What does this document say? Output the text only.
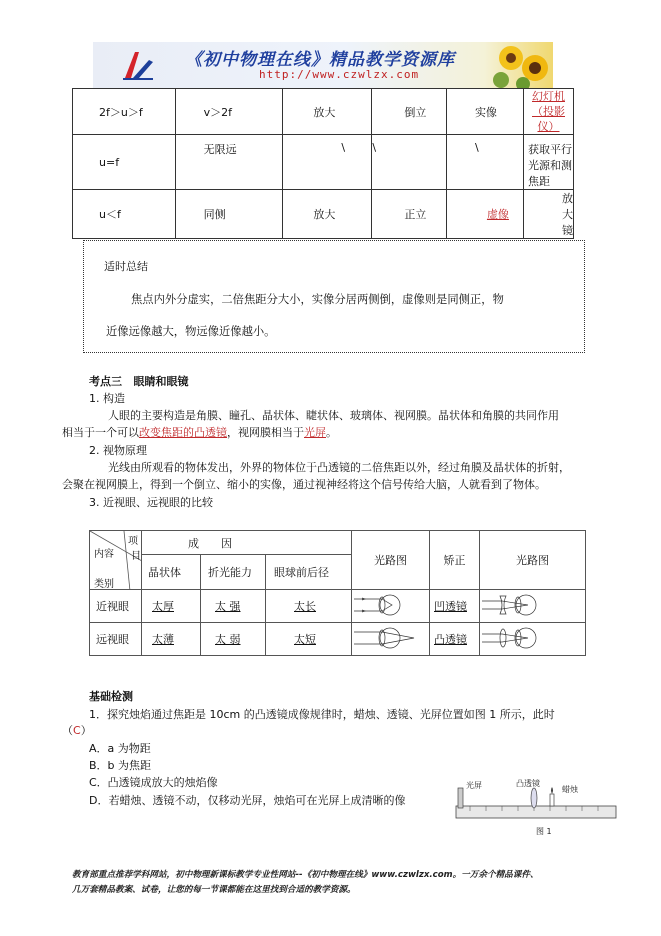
《初中物理在线》精品教学资源库
http://www.czwlzx.com
2f＞u＞f	v＞2f	放大	倒立	实像	幻灯机
（投影仪）
u=f	无限远	\	\	\	获取平行光源和测焦距
u＜f	同侧	放大	正立	虚像	放大镜
适时总结
焦点内外分虚实，二倍焦距分大小，实像分居两侧倒，虚像则是同侧正，物
近像远像越大，物远像近像越小。
考点三 眼睛和眼镜
1. 构造
人眼的主要构造是角膜、瞳孔、晶状体、睫状体、玻璃体、视网膜。晶状体和角膜的共同作用
相当于一个可以改变焦距的凸透镜，视网膜相当于光屏。
2. 视物原理
光线由所观看的物体发出，外界的物体位于凸透镜的二倍焦距以外，经过角膜及晶状体的折射，
会聚在视网膜上，得到一个倒立、缩小的实像，通过视神经将这个信号传给大脑，人就看到了物体。
3. 近视眼、远视眼的比较
项
目
内容
类别	成　　因			光路图	矫正	光路图
	晶状体	折光能力	眼球前后径			
近视眼	太厚	太 强	太长		凹透镜	
远视眼	太薄	太 弱	太短		凸透镜	
基础检测
1．探究烛焰通过焦距是 10cm 的凸透镜成像规律时，蜡烛、透镜、光屏位置如图 1 所示，此时
（C）
A．a 为物距
B．b 为焦距
C．凸透镜成放大的烛焰像
D．若蜡烛、透镜不动，仅移动光屏，烛焰可在光屏上成清晰的像
光屏	凸透镜
蜡烛
图 1
教育部重点推荐学科网站，初中物理新课标教学专业性网站--《初中物理在线》www.czwlzx.com。一万余个精品课件、
几万套精品教案、试卷，让您的每一节课都能在这里找到合适的教学资源。
